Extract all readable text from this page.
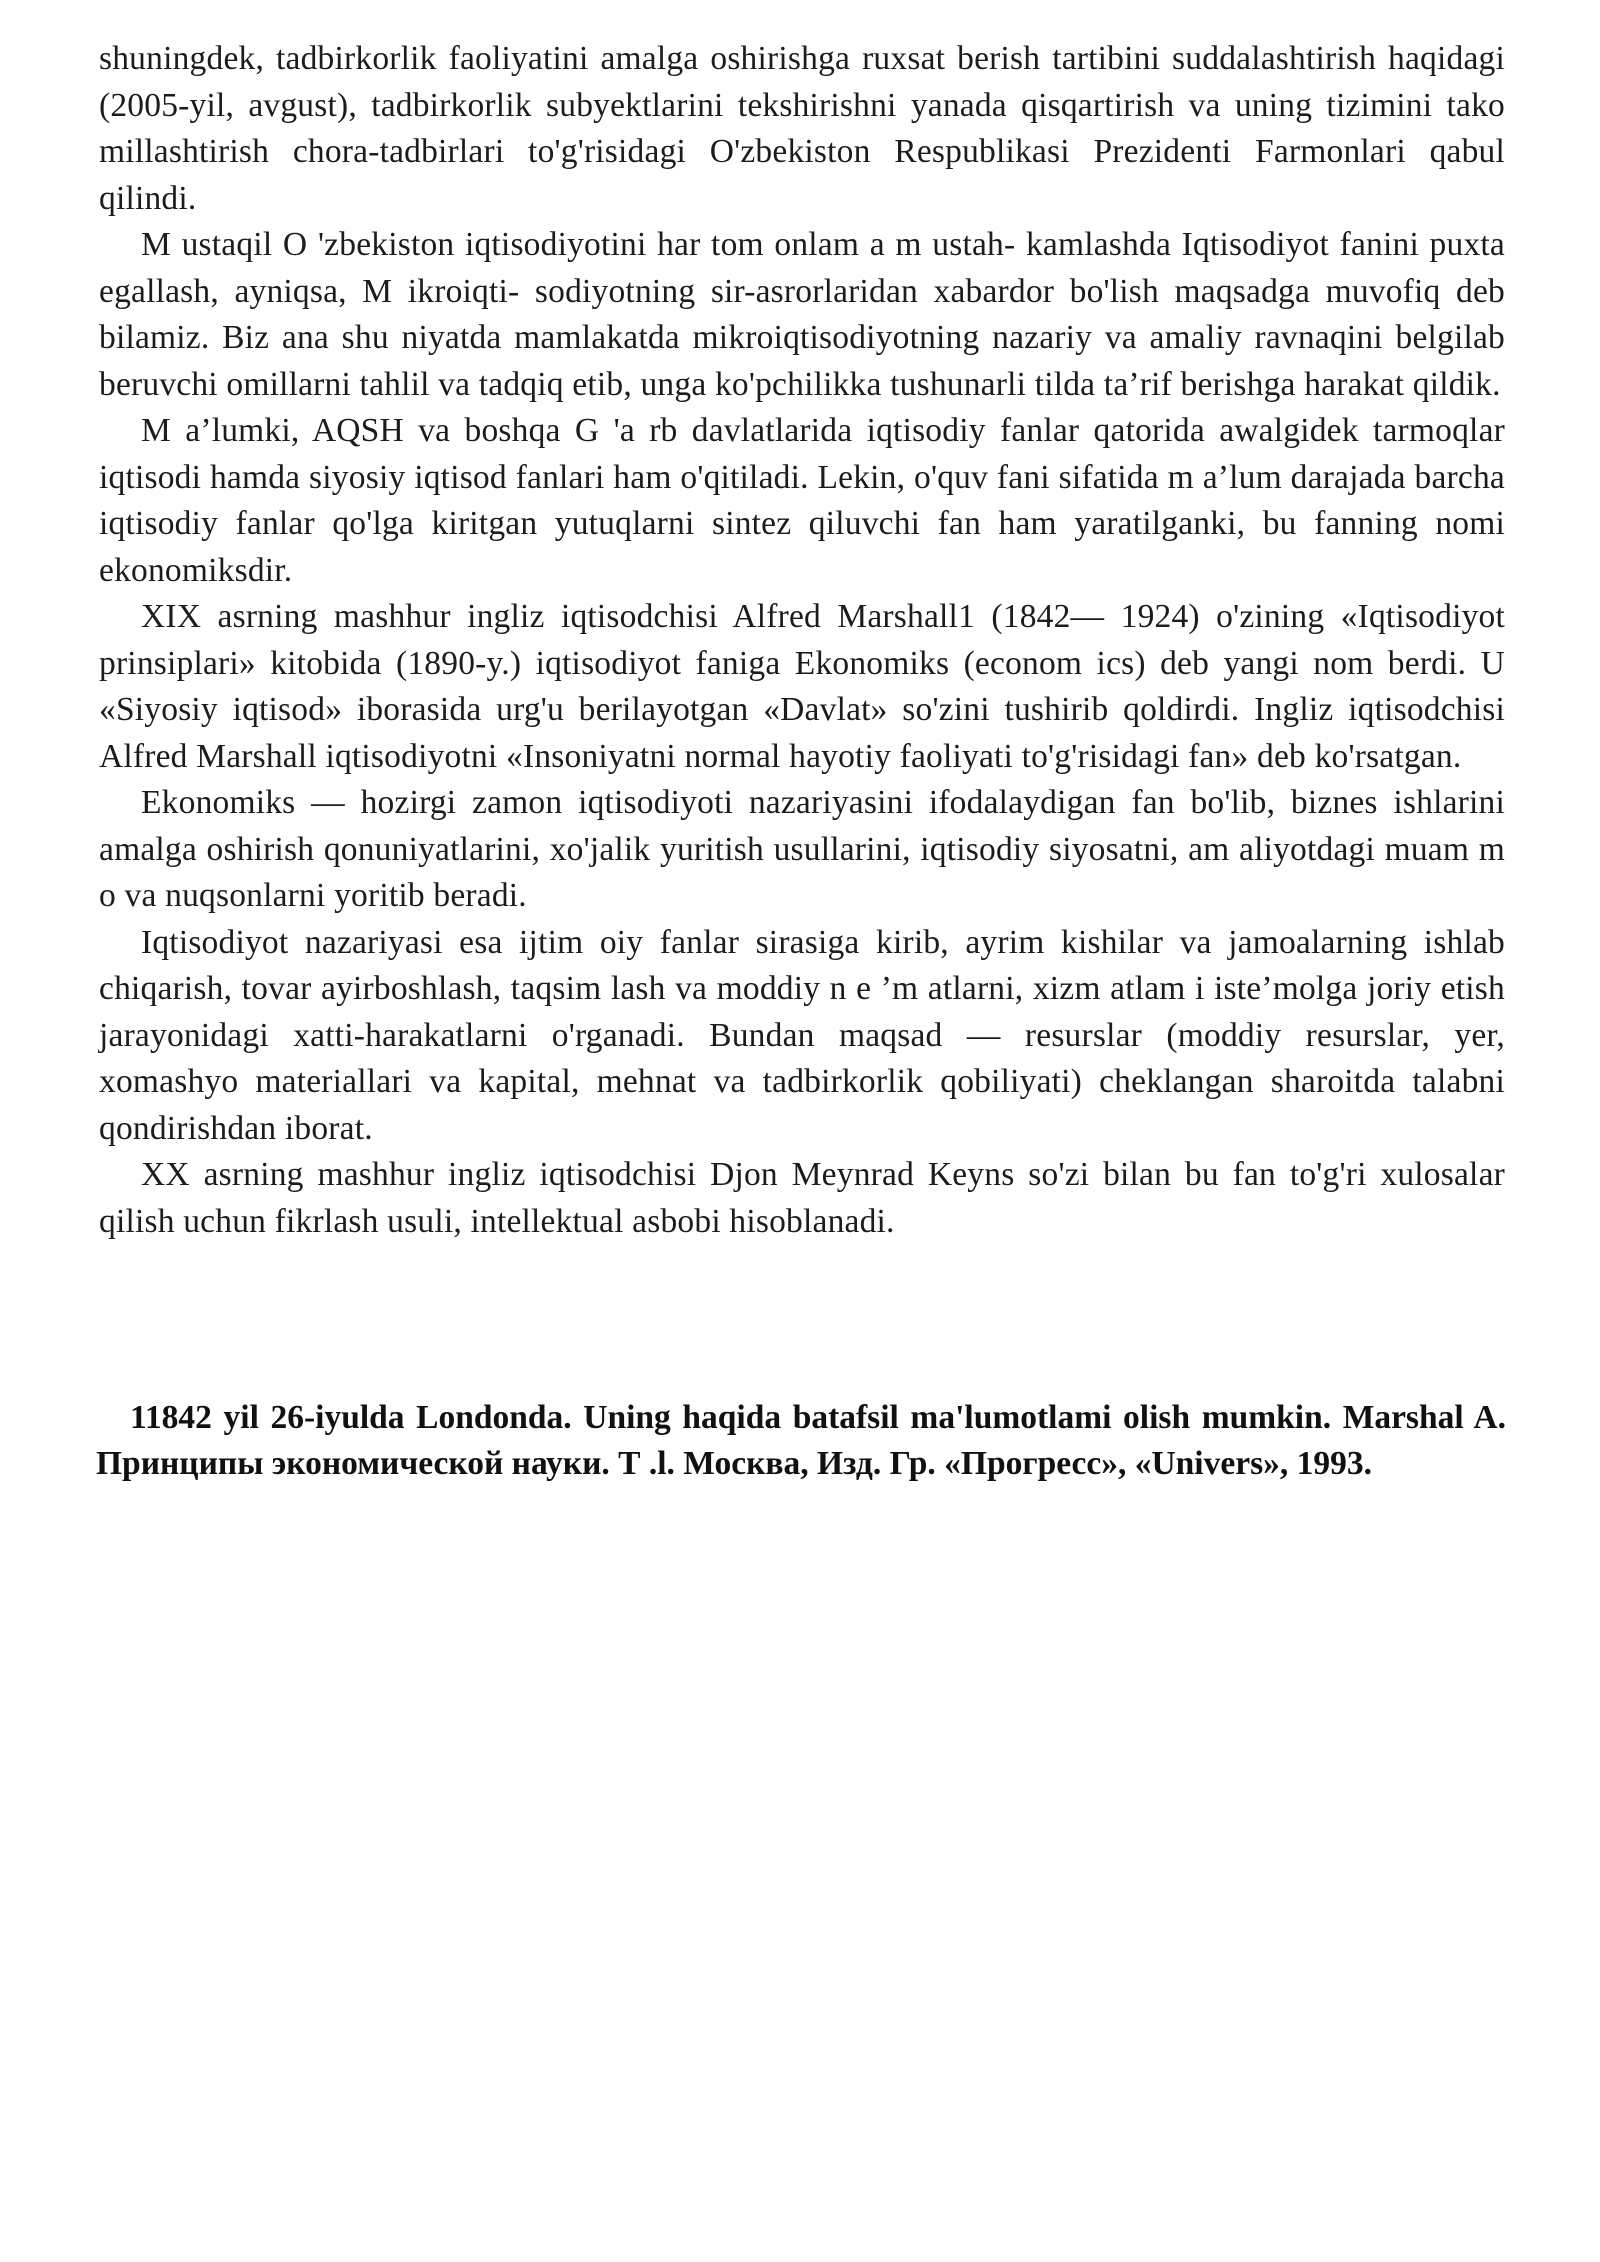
shuningdek, tadbirkorlik faoliyatini amalga oshirishga ruxsat berish tartibini suddalashtirish haqidagi (2005-yil, avgust), tadbirkorlik subyektlarini tekshirishni yanada qisqartirish va uning tizimini tako millashtirish chora-tadbirlari to'g'risidagi O'zbekiston Respublikasi Prezidenti Farmonlari qabul qilindi.

M ustaqil O 'zbekiston iqtisodiyotini har tom onlam a m ustah- kamlashda Iqtisodiyot fanini puxta egallash, ayniqsa, M ikroiqti- sodiyotning sir-asrorlaridan xabardor bo'lish maqsadga muvofiq deb bilamiz. Biz ana shu niyatda mamlakatda mikroiqtisodiyotning nazariy va amaliy ravnaqini belgilab beruvchi omillarni tahlil va tadqiq etib, unga ko'pchilikka tushunarli tilda ta’rif berishga harakat qildik.

M a’lumki, AQSH va boshqa G 'a rb davlatlarida iqtisodiy fanlar qatorida awalgidek tarmoqlar iqtisodi hamda siyosiy iqtisod fanlari ham o'qitiladi. Lekin, o'quv fani sifatida m a’lum darajada barcha iqtisodiy fanlar qo'lga kiritgan yutuqlarni sintez qiluvchi fan ham yaratilganki, bu fanning nomi ekonomiksdir.

XIX asrning mashhur ingliz iqtisodchisi Alfred Marshall1 (1842— 1924) o'zining «Iqtisodiyot prinsiplari» kitobida (1890-y.) iqtisodiyot faniga Ekonomiks (econom ics) deb yangi nom berdi. U «Siyosiy iqtisod» iborasida urg'u berilayotgan «Davlat» so'zini tushirib qoldirdi. Ingliz iqtisodchisi Alfred Marshall iqtisodiyotni «Insoniyatni normal hayotiy faoliyati to'g'risidagi fan» deb ko'rsatgan.

Ekonomiks — hozirgi zamon iqtisodiyoti nazariyasini ifodalaydigan fan bo'lib, biznes ishlarini amalga oshirish qonuniyatlarini, xo'jalik yuritish usullarini, iqtisodiy siyosatni, am aliyotdagi muam m o va nuqsonlarni yoritib beradi.

Iqtisodiyot nazariyasi esa ijtim oiy fanlar sirasiga kirib, ayrim kishilar va jamoalarning ishlab chiqarish, tovar ayirboshlash, taqsim lash va moddiy n e ’m atlarni, xizm atlam i iste’molga joriy etish jarayonidagi xatti-harakatlarni o'rganadi. Bundan maqsad — resurslar (moddiy resurslar, yer, xomashyo materiallari va kapital, mehnat va tadbirkorlik qobiliyati) cheklangan sharoitda talabni qondirishdan iborat.

XX asrning mashhur ingliz iqtisodchisi Djon Meynrad Keyns so'zi bilan bu fan to'g'ri xulosalar qilish uchun fikrlash usuli, intellektual asbobi hisoblanadi.

11842 yil 26-iyulda Londonda. Uning haqida batafsil ma'lumotlami olish mumkin. Marshal A. Принципы экономической науки. Т .l. Москва, Изд. Гр. «Прогресс», «Univers», 1993.
